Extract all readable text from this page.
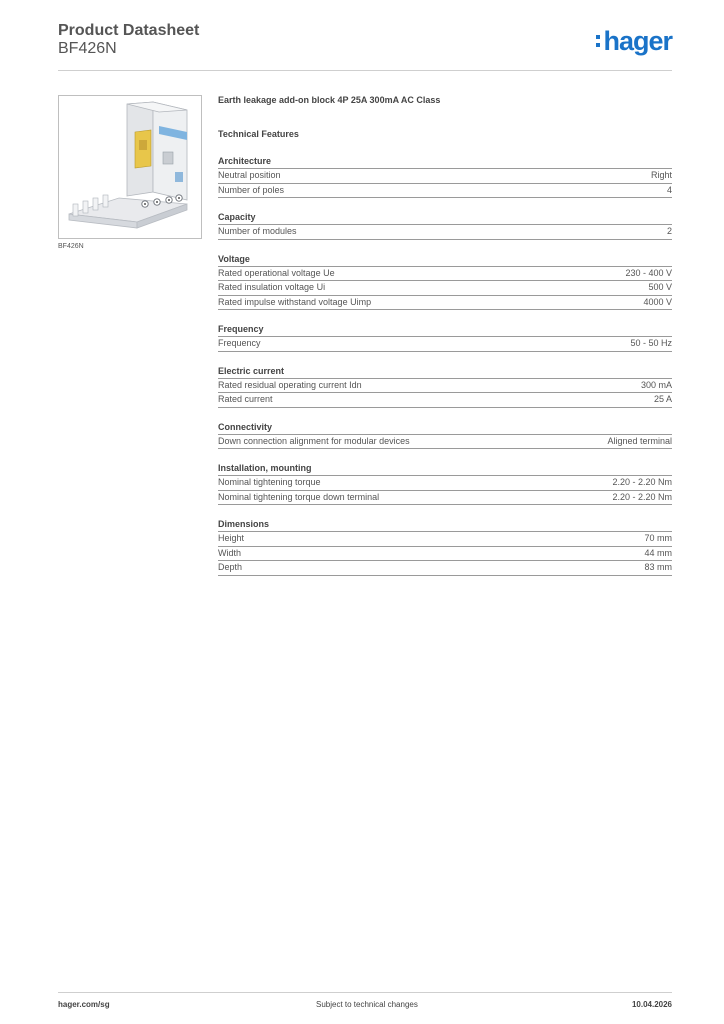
Product Datasheet
BF426N	hager
BF426N
Earth leakage add-on block 4P 25A 300mA AC Class
Technical Features
Architecture
Neutral position	Right
Number of poles	4
Capacity
Number of modules	2
Voltage
Rated operational voltage Ue	230 - 400 V
Rated insulation voltage Ui	500 V
Rated impulse withstand voltage Uimp	4000 V
Frequency
Frequency	50 - 50 Hz
Electric current
Rated residual operating current Idn	300 mA
Rated current	25 A
Connectivity
Down connection alignment for modular devices	Aligned terminal
Installation, mounting
Nominal tightening torque	2.20 - 2.20 Nm
Nominal tightening torque down terminal	2.20 - 2.20 Nm
Dimensions
Height	70 mm
Width	44 mm
Depth	83 mm
hager.com/sg	Subject to technical changes	10.04.2026
